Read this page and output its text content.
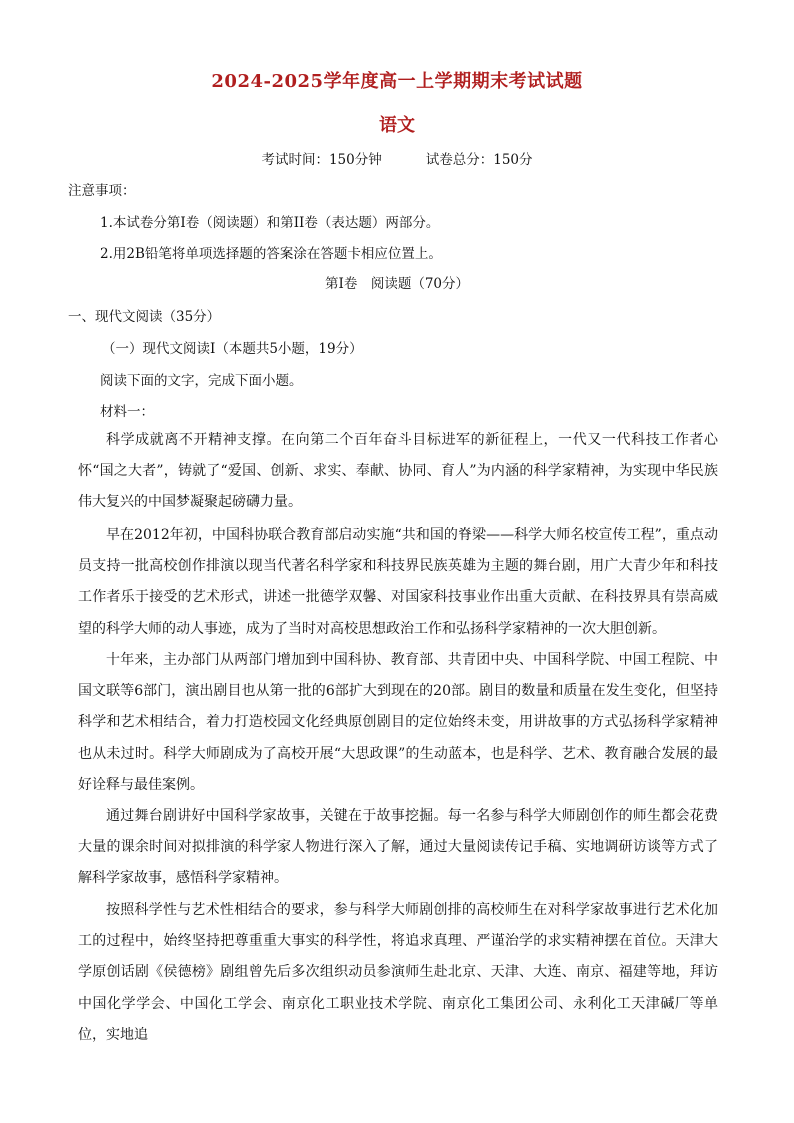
2024-2025学年度高一上学期期末考试试题
语文
考试时间：150分钟	试卷总分：150分
注意事项：
1.本试卷分第Ⅰ卷（阅读题）和第II卷（表达题）两部分。
2.用2B铅笔将单项选择题的答案涂在答题卡相应位置上。
第Ⅰ卷　阅读题（70分）
一、现代文阅读（35分）
（一）现代文阅读Ⅰ（本题共5小题，19分）
阅读下面的文字，完成下面小题。
材料一：

科学成就离不开精神支撑。在向第二个百年奋斗目标进军的新征程上，一代又一代科技工作者心怀“国之大者”，铸就了“爱国、创新、求实、奉献、协同、育人”为内涵的科学家精神，为实现中华民族伟大复兴的中国梦凝聚起磅礴力量。

早在2012年初，中国科协联合教育部启动实施“共和国的脊梁——科学大师名校宣传工程”，重点动员支持一批高校创作排演以现当代著名科学家和科技界民族英雄为主题的舞台剧，用广大青少年和科技工作者乐于接受的艺术形式，讲述一批德学双馨、对国家科技事业作出重大贡献、在科技界具有崇高威望的科学大师的动人事迹，成为了当时对高校思想政治工作和弘扬科学家精神的一次大胆创新。

十年来，主办部门从两部门增加到中国科协、教育部、共青团中央、中国科学院、中国工程院、中国文联等6部门，演出剧目也从第一批的6部扩大到现在的20部。剧目的数量和质量在发生变化，但坚持科学和艺术相结合，着力打造校园文化经典原创剧目的定位始终未变，用讲故事的方式弘扬科学家精神也从未过时。科学大师剧成为了高校开展“大思政课”的生动蓝本，也是科学、艺术、教育融合发展的最好诠释与最佳案例。

通过舞台剧讲好中国科学家故事，关键在于故事挖掘。每一名参与科学大师剧创作的师生都会花费大量的课余时间对拟排演的科学家人物进行深入了解，通过大量阅读传记手稿、实地调研访谈等方式了解科学家故事，感悟科学家精神。

按照科学性与艺术性相结合的要求，参与科学大师剧创排的高校师生在对科学家故事进行艺术化加工的过程中，始终坚持把尊重重大事实的科学性，将追求真理、严谨治学的求实精神摆在首位。天津大学原创话剧《侯德榜》剧组曾先后多次组织动员参演师生赴北京、天津、大连、南京、福建等地，拜访中国化学学会、中国化工学会、南京化工职业技术学院、南京化工集团公司、永利化工天津碱厂等单位，实地追
